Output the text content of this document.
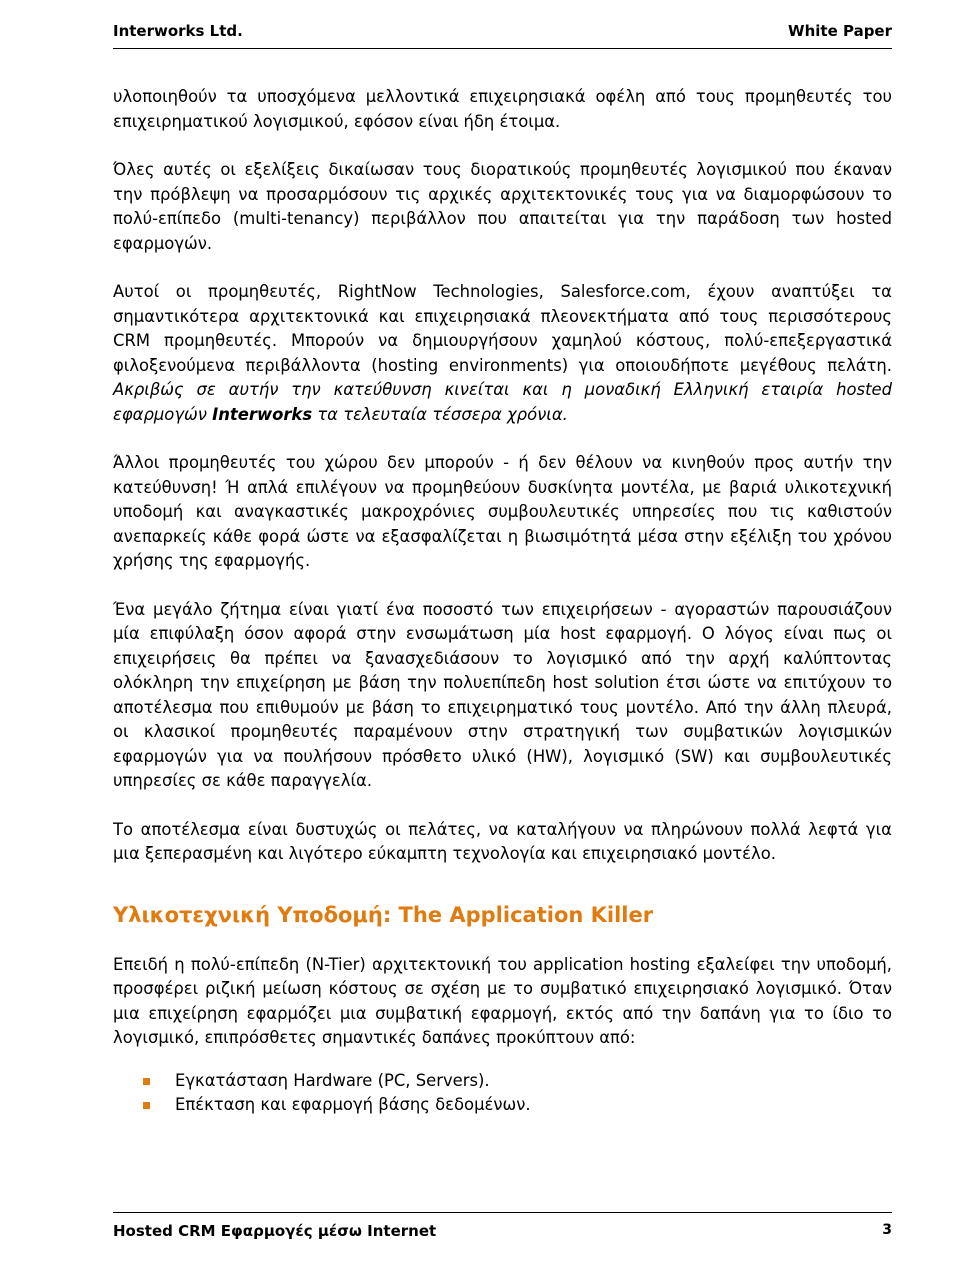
Interworks Ltd.	White Paper

υλοποιηθούν τα υποσχόμενα μελλοντικά επιχειρησιακά οφέλη από τους προμηθευτές του επιχειρηματικού λογισμικού, εφόσον είναι ήδη έτοιμα.

Όλες αυτές οι εξελίξεις δικαίωσαν τους διορατικούς προμηθευτές λογισμικού που έκαναν την πρόβλεψη να προσαρμόσουν τις αρχικές αρχιτεκτονικές τους για να διαμορφώσουν το πολύ-επίπεδο (multi-tenancy) περιβάλλον που απαιτείται για την παράδοση των hosted εφαρμογών.

Αυτοί οι προμηθευτές, RightNow Technologies, Salesforce.com, έχουν αναπτύξει τα σημαντικότερα αρχιτεκτονικά και επιχειρησιακά πλεονεκτήματα από τους περισσότερους CRM προμηθευτές. Μπορούν να δημιουργήσουν χαμηλού κόστους, πολύ-επεξεργαστικά φιλοξενούμενα περιβάλλοντα (hosting environments) για οποιουδήποτε μεγέθους πελάτη. Ακριβώς σε αυτήν την κατεύθυνση κινείται και η μοναδική Ελληνική εταιρία hosted εφαρμογών Interworks τα τελευταία τέσσερα χρόνια.

Άλλοι προμηθευτές του χώρου δεν μπορούν - ή δεν θέλουν να κινηθούν προς αυτήν την κατεύθυνση! Ή απλά επιλέγουν να προμηθεύουν δυσκίνητα μοντέλα, με βαριά υλικοτεχνική υποδομή και αναγκαστικές μακροχρόνιες συμβουλευτικές υπηρεσίες που τις καθιστούν ανεπαρκείς κάθε φορά ώστε να εξασφαλίζεται η βιωσιμότητά μέσα στην εξέλιξη του χρόνου χρήσης της εφαρμογής.

Ένα μεγάλο ζήτημα είναι γιατί ένα ποσοστό των επιχειρήσεων - αγοραστών παρουσιάζουν μία επιφύλαξη όσον αφορά στην ενσωμάτωση μία host εφαρμογή. Ο λόγος είναι πως οι επιχειρήσεις θα πρέπει να ξανασχεδιάσουν το λογισμικό από την αρχή καλύπτοντας ολόκληρη την επιχείρηση με βάση την πολυεπίπεδη host solution έτσι ώστε να επιτύχουν το αποτέλεσμα που επιθυμούν με βάση το επιχειρηματικό τους μοντέλο. Από την άλλη πλευρά, οι κλασικοί προμηθευτές παραμένουν στην στρατηγική των συμβατικών λογισμικών εφαρμογών για να πουλήσουν πρόσθετο υλικό (HW), λογισμικό (SW) και συμβουλευτικές υπηρεσίες σε κάθε παραγγελία.

Το αποτέλεσμα είναι δυστυχώς οι πελάτες, να καταλήγουν να πληρώνουν πολλά λεφτά για μια ξεπερασμένη και λιγότερο εύκαμπτη τεχνολογία και επιχειρησιακό μοντέλο.

Υλικοτεχνική Υποδομή: The Application Killer

Επειδή η πολύ-επίπεδη (N-Tier) αρχιτεκτονική του application hosting εξαλείφει την υποδομή, προσφέρει ριζική μείωση κόστους σε σχέση με το συμβατικό επιχειρησιακό λογισμικό. Όταν μια επιχείρηση εφαρμόζει μια συμβατική εφαρμογή, εκτός από την δαπάνη για το ίδιο το λογισμικό, επιπρόσθετες σημαντικές δαπάνες προκύπτουν από:

Εγκατάσταση Hardware (PC, Servers).
Επέκταση και εφαρμογή βάσης δεδομένων.
Hosted CRM Εφαρμογές μέσω Internet	3
